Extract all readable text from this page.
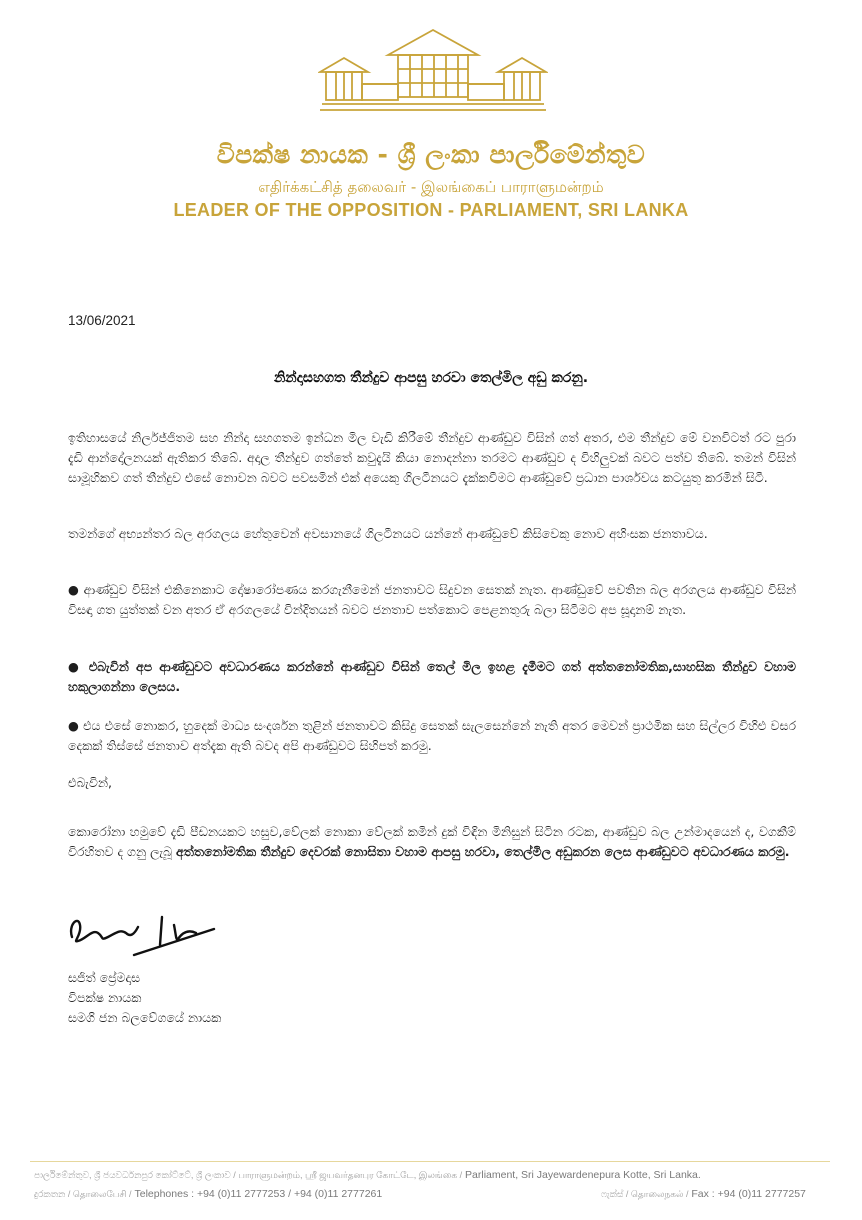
විපක්ෂ නායක - ශ්‍රී ලංකා පාර්ලිමේන්තුව
எதிர்க்கட்சித் தலைவர் - இலங்கைப் பாராளுமன்றம்
LEADER OF THE OPPOSITION - PARLIAMENT, SRI LANKA
13/06/2021
නින්දාසහගත තීන්දුව ආපසු හරවා තෙල්මිල අඩු කරනු.
ඉතිහාසයේ නිර්ලජ්ජිතම සහ නින්දා සහගතම ඉන්ධන මිල වැඩි කිරීමේ තීන්දුව ආණ්ඩුව විසින් ගත් අතර, එම තීන්දුව මේ වනවිටත් රට පුරා දැඩි ආන්දෝලනයක් ඇතිකර තිබේ. අදාල තීන්දුව ගත්තේ කවුදැයි කියා නොදන්නා තරමට ආණ්ඩුව ද විහිලුවක් බවට පත්ව තිබේ. තමන් විසින් සාමූහිකව ගත් තීන්දුව එසේ නොවන බවට පවසමින් එක් අයෙකු ගිලටීනයට දැක්කවීමට ආණ්ඩුවේ ප්‍රධාන පාර්ශවය කටයුතු කරමින් සිටී.
තමන්ගේ අභ්‍යන්තර බල අරගලය හේතුවෙන් අවසානයේ ගිලටීනයට යන්නේ ආණ්ඩුවේ කිසිවෙකු නොව අහිංසක ජනතාවය.
● ආණ්ඩුව විසින් එකිනෙකාට දෝෂාරෝපණය කරගැනීමෙන් ජනතාවට සිදුවන සෙතක් නැත. ආණ්ඩුවේ පවතින බල අරගලය ආණ්ඩුව විසින් විසඳා ගත යුත්තක් වන අතර ඒ අරගලයේ වින්දිතයන් බවට ජනතාව පත්කොට පෙළනතුරු බලා සිටීමට අප සූදානම් නැත.
● එබැවින් අප ආණ්ඩුවට අවධාරණය කරන්නේ ආණ්ඩුව විසින් තෙල් මිල ඉහළ දැමීමට ගත් අත්තනෝමතික,සාහසික තීන්දුව වහාම හකුලාගන්නා ලෙසය.
● එය එසේ නොකර, හුදෙක් මාධ්‍ය සංදර්ශන තුළින් ජනතාවට කිසිදු සෙතක් සැලසෙන්නේ නැති අතර මෙවන් ප්‍රාථමික සහ සිල්ලර විහිළු වසර දෙකක් තිස්සේ ජනතාව අත්දැක ඇති බවද අපි ආණ්ඩුවට සිහිපත් කරමු.
එබැවින්,
කොරෝනා හමුවේ දැඩි පීඩනයකට හසුව,වේලක් නොකා වේලක් කමින් දුක් විඳින මිනිසුන් සිටින රටක, ආණ්ඩුව බල උන්මාදයෙන් ද, වගකීම් විරහිතව ද ගනු ලැබූ අත්තනෝමතික තීන්දුව දෙවරක් නොසිතා වහාම ආපසු හරවා, තෙල්මිල අඩුකරන ලෙස ආණ්ඩුවට අවධාරණය කරමු.
සජිත් ප්‍රේමදාස
විපක්ෂ නායක
සමගි ජන බලවේගයේ නායක
පාර්ලිමේන්තුව, ශ්‍රී ජයවර්ධනපුර කෝට්ටේ, ශ්‍රී ලංකාව / பாராளுமன்றம், ஸ்ரீ ஜயவர்தனபுர கோட்டே, இலங்கை / Parliament, Sri Jayewardenepura Kotte, Sri Lanka.
දුරකතන / தொலைபேசி / Telephones : +94 (0)11 2777253 / +94 (0)11 2777261	ෆැක්ස් / தொலைநகல் / Fax : +94 (0)11 2777257
